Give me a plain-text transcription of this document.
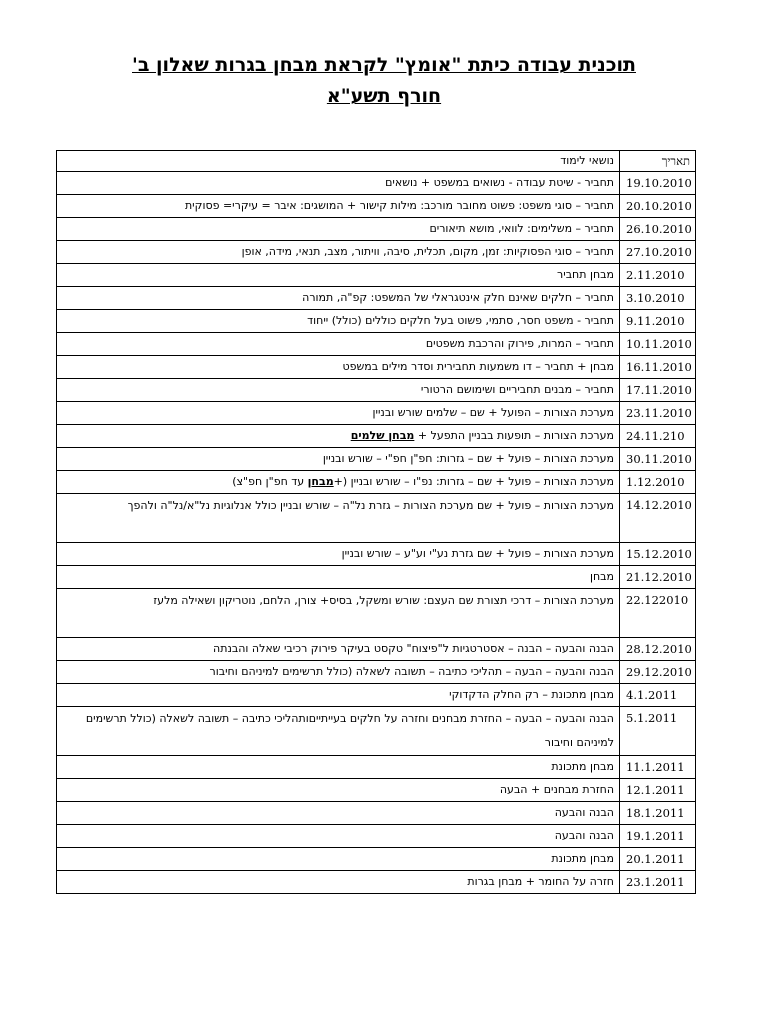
תוכנית עבודה כיתת "אומץ" לקראת מבחן בגרות שאלון ב'
חורף תשע"א
תאריך	נושאי לימוד
19.10.2010	תחביר - שיטת עבודה - נשואים במשפט + נושאים
20.10.2010	תחביר – סוגי משפט: פשוט מחובר מורכב: מילות קישור + המושגים: איבר = עיקרי= פסוקית
26.10.2010	תחביר – משלימים: לוואי, מושא תיאורים
27.10.2010	תחביר – סוגי הפסוקיות: זמן, מקום, תכלית, סיבה, וויתור, מצב, תנאי, מידה, אופן
2.11.2010	מבחן תחביר
3.10.2010	תחביר – חלקים שאינם חלק אינטגראלי של המשפט: קפ"ה, תמורה
9.11.2010	תחביר - משפט חסר, סתמי, פשוט בעל חלקים כוללים (כולל) ייחוד
10.11.2010	תחביר – המרות, פירוק והרכבת משפטים
16.11.2010	מבחן + תחביר – דו משמעות תחבירית וסדר מילים במשפט
17.11.2010	תחביר – מבנים תחביריים ושימושם הרטורי
23.11.2010	מערכת הצורות – הפועל + שם – שלמים שורש ובניין
24.11.210	מערכת הצורות – תופעות בבניין התפעל + מבחן שלמים
30.11.2010	מערכת הצורות – פועל + שם – גזרות: חפ"ן חפ"י – שורש ובניין
1.12.2010	מערכת הצורות – פועל + שם – גזרות: נפ"ו – שורש ובניין (+מבחן עד חפ"ן חפ"צ)
14.12.2010	מערכת הצורות – פועל + שם מערכת הצורות – גזרת נל"ה – שורש ובניין כולל אנלוגיות נל"א/נל"ה ולהפך
15.12.2010	מערכת הצורות – פועל + שם גזרת נע"י וע"ע – שורש ובניין
21.12.2010	מבחן
22.122010	מערכת הצורות – דרכי תצורת שם העצם: שורש ומשקל, בסיס+ צורן, הלחם, נוטריקון ושאילה מלעז
28.12.2010	הבנה והבעה – הבנה – אסטרטגיות ל"פיצוח" טקסט בעיקר פירוק רכיבי שאלה והבנתה
29.12.2010	הבנה והבעה – הבעה – תהליכי כתיבה – תשובה לשאלה (כולל תרשימים למיניהם וחיבור
4.1.2011	מבחן מתכונת – רק החלק הדקדוקי
5.1.2011	הבנה והבעה – הבעה – החזרת מבחנים וחזרה על חלקים בעייתייםותהליכי כתיבה – תשובה לשאלה (כולל תרשימים למיניהם וחיבור
11.1.2011	מבחן מתכונת
12.1.2011	החזרת מבחנים + הבעה
18.1.2011	הבנה והבעה
19.1.2011	הבנה והבעה
20.1.2011	מבחן מתכונת
23.1.2011	חזרה על החומר + מבחן בגרות
